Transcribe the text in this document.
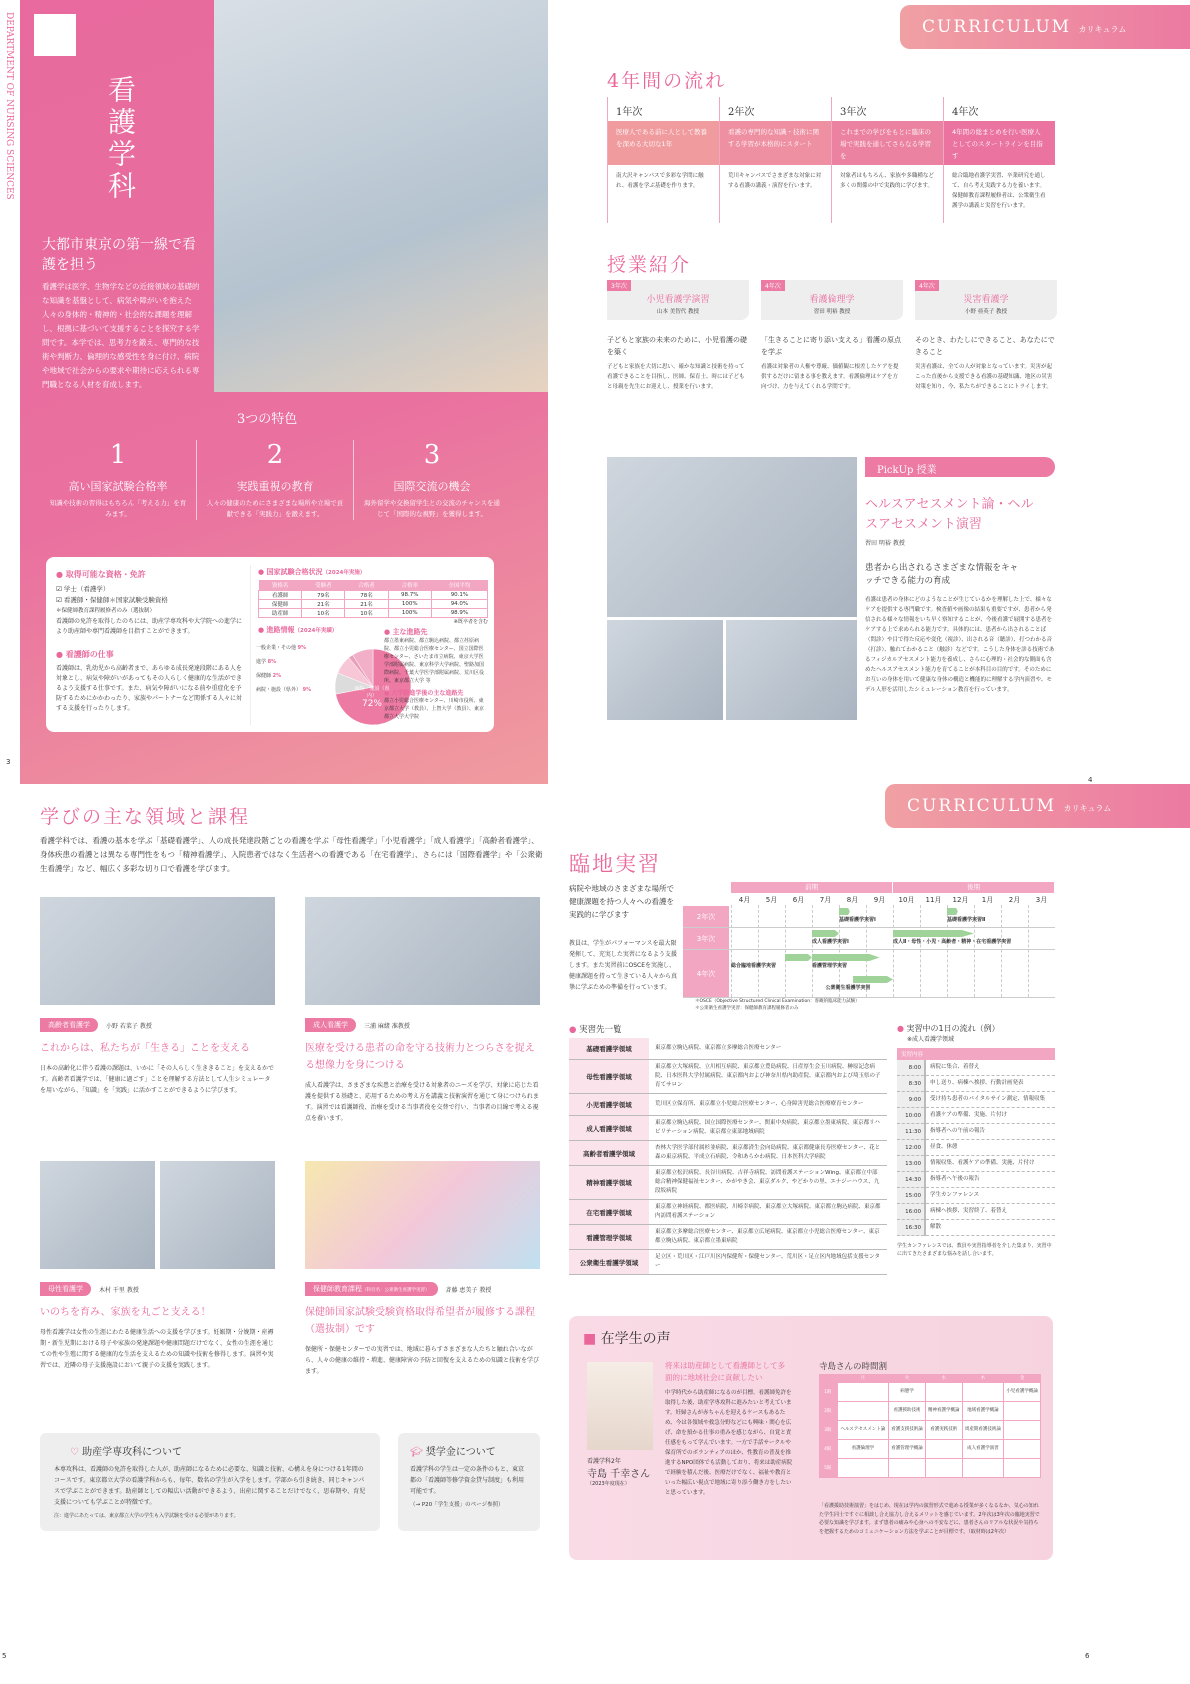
DEPARTMENT OF NURSING SCIENCES	看護学科
大都市東京の第一線で看護を担う
看護学は医学、生物学などの近接領域の基礎的な知識を基盤として、病気や障がいを抱えた人々の身体的・精神的・社会的な課題を理解し、根拠に基づいて支援することを探究する学問です。本学では、思考力を鍛え、専門的な技術や判断力、倫理的な感受性を身に付け、病院や地域で社会からの要求や期待に応えられる専門職となる人材を育成します。
3つの特色
1
高い国家試験合格率
知識や技術の習得はもちろん「考える力」を育みます。
2
実践重視の教育
人々の健康のためにさまざまな場所や立場で貢献できる「実践力」を鍛えます。
3
国際交流の機会
海外留学や交換留学生との交流のチャンスを通じて「国際的な視野」を獲得します。
● 取得可能な資格・免許
☑ 学士（看護学）
☑ 看護師・保健師＊国家試験受験資格
＊保健師教育課程履修者のみ（選抜制）
看護師の免許を取得したのちには、助産学専攻科や大学院への進学により助産師や専門看護師を目指すことができます。
● 看護師の仕事
看護師は、乳幼児から高齢者まで、あらゆる成長発達段階にある人を対象とし、病気や障がいがあってもその人らしく健康的な生活ができるよう支援する仕事です。また、病気や障がいになる前や重症化を予防するためにかかわったり、家族やパートナーなど関係する人々に対する支援を行ったりします。
● 国家試験合格状況（2024年実施）
資格名	受験者	合格者	合格率	全国平均
看護師	79名	78名	98.7%	90.1%
保健師	21名	21名	100%	94.0%
助産師	10名	10名	100%	98.9%
※既卒者を含む
● 進路情報（2024年実績）
一般企業・その他 9%
進学 8%
保健師 2%
病院・施設（県外） 9%	病院・施設（県内）
72%
● 主な進路先
都立墨東病院、都立駒込病院、都立荏原病院、都立小児総合医療センター、国立国際医療センター、さいたま市立病院、東京大学医学部附属病院、東京科学大学病院、聖路加国際病院、千葉大学医学部附属病院、荒川区役所、東京都立大学 等
● 大学院進学後の主な進路先
都立小児総合医療センター、川崎市役所、東京都立大学（教員）、上智大学（教員）、東京都立大学大学院
3
CURRICULUM カリキュラム
4年間の流れ
1年次
医療人である前に人として教養を深める大切な1年
南大沢キャンパスで多彩な学問に触れ、看護を学ぶ基礎を作ります。
2年次
看護の専門的な知識・技術に関する学習が本格的にスタート
荒川キャンパスでさまざまな対象に対する看護の講義・演習を行います。
3年次
これまでの学びをもとに臨床の場で実践を通してさらなる学習を
対象者はもちろん、家族や多職種など多くの関係の中で実践的に学びます。
4年次
4年間の総まとめを行い医療人としてのスタートラインを目指す
総合臨地看護学実習、卒業研究を通して、自ら考え実践する力を養います。保健師教育課程履修者は、公衆衛生看護学の講義と実習を行います。
授業紹介
3年次
小児看護学演習
山本 美智代 教授
子どもと家族の未来のために、小児看護の礎を築く
子どもと家族を大切に思い、確かな知識と技術を持って看護できることを目指し、医師、保育士、時には子どもと母親を先生にお迎えし、授業を行います。
4年次
看護倫理学
習田 明裕 教授
「生きることに寄り添い支える」看護の原点を学ぶ
看護は対象者の人権や尊厳、価値観に根差したケアを提供するだけに留まる事を教えます。看護倫理はケアを方向づけ、力を与えてくれる学問です。
4年次
災害看護学
小野 亜英子 教授
そのとき、わたしにできること、あなたにできること
災害看護は、全ての人が対象となっています。災害が起こった直後から支援できる看護の基礎知識、地区の災害対策を知り、今、私たちができることにトライします。
PickUp 授業
ヘルスアセスメント論・ヘルスアセスメント演習
習田 明裕 教授
患者から出されるさまざまな情報をキャッチできる能力の育成
看護は患者の身体にどのようなことが生じているかを理解した上で、様々なケアを提供する専門職です。検査値や画像の結果も重要ですが、患者から発信される様々な情報をいち早く察知することが、今後看護で展開する患者をケアする上で求められる能力です。具体的には、患者から出されることば（問診）や目で得た反応や変化（視診）、出される音（聴診）、打つわかる音（打診）、触れてわかること（触診）などです。こうした身体を診る技術であるフィジカルアセスメント能力を養成し、さらに心理的・社会的な側面も含めたヘルスアセスメント能力を育てることが本科目の目的です。そのためにお互いの身体を用いて健康な身体の構造と機能的に理解する学内演習や、モデル人形を活用したシミュレーション教育を行っています。
4
学びの主な領域と課程
看護学科では、看護の基本を学ぶ「基礎看護学」、人の成長発達段階ごとの看護を学ぶ「母性看護学」「小児看護学」「成人看護学」「高齢者看護学」、身体疾患の看護とは異なる専門性をもつ「精神看護学」、入院患者ではなく生活者への看護である「在宅看護学」、さらには「国際看護学」や「公衆衛生看護学」など、幅広く多彩な切り口で看護を学びます。
高齢者看護学	小野 若菜子 教授
これからは、私たちが「生きる」ことを支える
日本の高齢化に伴う看護の課題は、いかに「その人らしく生ききること」を支えるかです。高齢者看護学では、「健康に過ごす」ことを理解する方法として人生シミュレータを用いながら、「知識」を「実践」に活かすことができるように学びます。
成人看護学	三浦 麻緒 准教授
医療を受ける患者の命を守る技術力とつらさを捉える想像力を身につける
成人看護学は、さまざまな疾患と治療を受ける対象者のニーズを学び、対象に応じた看護を提供する基礎と、応用するための考え方を講義と技術演習を通じて身につけられます。演習では看護師役、治療を受ける当事者役を交替で行い、当事者の目線で考える視点を養います。
母性看護学	木村 千里 教授
いのちを育み、家族を丸ごと支える！
母性看護学は女性の生涯にわたる健康生活への支援を学びます。妊娠期・分娩期・産褥期・新生児期における母子や家族の発達課題や健康問題だけでなく、女性の生涯を通じての性や生殖に関する健康的な生活を支えるための知識や技術を修得します。演習や実習では、近隣の母子支援施設において親子の支援を実践します。
保健師教育課程（科目名：公衆衛生看護学実習）	斉藤 恵美子 教授
保健師国家試験受験資格取得希望者が履修する課程（選抜制）です
保健所・保健センターでの実習では、地域に暮らすさまざまな人たちと触れ合いながら、人々の健康の維持・増進、健康障害の予防と回復を支えるための知識と技術を学びます。
♡ 助産学専攻科について
本専攻科は、看護師の免許を取得した人が、助産師になるために必要な、知識と技術、心構えを身につける1年間のコースです。東京都立大学の看護学科からも、毎年、数名の学生が入学をします。学部から引き続き、同じキャンパスで学ぶことができます。助産師としての幅広い活動ができるよう、出産に関することだけでなく、思春期や、育児支援についても学ぶことが特徴です。
注：進学にあたっては、東京都立大学の学生も入学試験を受ける必要があります。
🎓︎ 奨学金について
看護学科の学生は一定の条件のもと、東京都の「看護師等修学資金貸与制度」も利用可能です。
（→ P20「学生支援」のページ参照）
5
CURRICULUM カリキュラム
臨地実習
病院や地域のさまざまな場所で健康課題を持つ人々への看護を実践的に学びます
教員は、学生がパフォーマンスを最大限発揮して、充実した実習になるよう支援します。また実習前にOSCEを実施し、健康課題を持って生きている人々から真摯に学ぶための準備を行っています。
前期	後期
4月	5月	6月	7月	8月	9月	10月	11月	12月	1月	2月	3月
2年次
3年次
4年次
基礎看護学実習Ⅰ	基礎看護学実習Ⅱ
成人看護学実習Ⅰ	成人Ⅱ・母性・小児・高齢者・精神・在宅看護学実習
総合臨地看護学実習	看護管理学実習
公衆衛生看護学実習
＊OSCE（Objective Structured Clinical Examination：客観的臨床能力試験）
＊公衆衛生看護学実習：保健師教育課程履修者のみ
● 実習先一覧
基礎看護学領域	東京都立駒込病院、東京都立多摩総合医療センター
母性看護学領域	東京都立大塚病院、立川相互病院、東京都立豊島病院、日産厚生会玉川病院、榊原記念病院、日本医科大学付属病院、東京都内および神奈川県内助産院、東京都内および埼玉県の子育てサロン
小児看護学領域	荒川区立保育所、東京都立小児総合医療センター、心身障害児総合医療療育センター
成人看護学領域	東京都立駒込病院、国立国際医療センター、関東中央病院、東京都立墨東病院、東京都リハビリテーション病院、東京都立東部地域病院
高齢者看護学領域	杏林大学医学部付属杉並病院、東京都済生会向島病院、東京都健康長寿医療センター、花と森の東京病院、平成立石病院、令和あらかわ病院、日本医科大学病院
精神看護学領域	東京都立松沢病院、長谷川病院、吉祥寺病院、訪問看護ステーションWing、東京都立中部総合精神保健福祉センター、かがやき会、東京ダルク、やどかりの里、エナジーハウス、九段坂病院
在宅看護学領域	東京都立神経病院、都医病院、川崎幸病院、東京都立大塚病院、東京都立駒込病院、東京都内訪問看護ステーション
看護管理学領域	東京都立多摩総合医療センター、東京都立広尾病院、東京都立小児総合医療センター、東京都立駒込病院、東京都立墨東病院
公衆衛生看護学領域	足立区・荒川区・江戸川区内保健所・保健センター、荒川区・足立区内地域包括支援センター
● 実習中の1日の流れ（例）
※成人看護学領域
実習内容	
8:00	病院に集合、着替え
8:30	申し送り、病棟へ挨拶、行動計画発表
9:00	受け持ち患者のバイタルサイン測定、情報収集
10:00	看護ケアの準備、実施、片付け
11:30	指導者への午前の報告
12:00	昼食、休憩
13:00	情報収集、看護ケアの準備、実施、片付け
14:30	指導者へ午後の報告
15:00	学生カンファレンス
16:00	病棟へ挨拶、実習終了、着替え
16:30	解散
学生カンファレンスでは、教員や実習指導者を介した集まり、実習中に出てきたさまざまな悩みを話し合います。
■ 在学生の声
看護学科2年
寺島 千幸さん
（2023年度現在）
将来は助産師として看護師として多面的に地域社会に貢献したい
中学時代から助産師になるのが目標。看護師免許を取得した後、助産学専攻科に進みたいと考えています。妊婦さんが赤ちゃんを迎えるケースもあるため、今は各領域や救急分野などにも興味・関心を広げ、命を預かる仕事の重みを感じながら、自覚と責任感をもって学んでいます。一方で手話サークルや保育所でのボランティアのほか、性教育の普及を推進するNPO団体でも活動しており、将来は助産病院で経験を積んだ後、医療だけでなく、福祉や教育といった幅広い視点で地域に寄り添う働き方をしたいと思っています。
寺島さんの時間割
	月	火	水	木	金
1限		病態学			小児看護学概論
2限		看護援助技術	精神看護学概論	地域看護学概論	
3限	ヘルスアセスメント論	看護支援技術論	看護実践技術	周産期看護技術論	
4限	看護倫理学	看護管理学概論		成人看護学演習	
5限					
「看護援助技術演習」をはじめ、現在は学内の演習形式で進める授業が多くなるなか、気心の知れた学生同士ですぐに相談し合え協力し合えるメリットを感じています。2年次は3年次の臨地実習で必要な知識を学びます。まず患者の痛みや心身への不安などに、患者さんのリアルな状況や気持ちを把握するためのコミュニケーション方法を学ぶことが目標です。（取材時は2年次）
6
